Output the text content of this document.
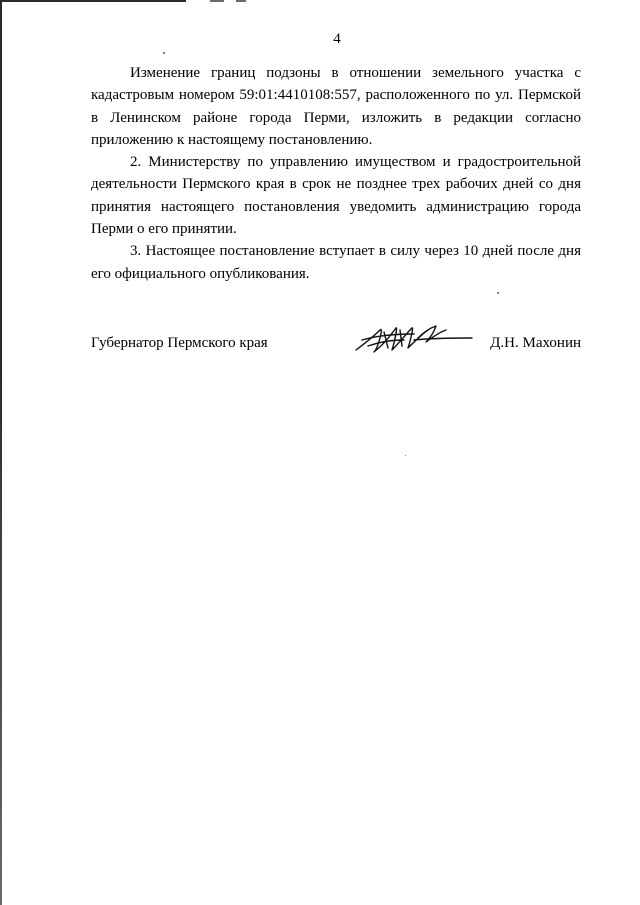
4

Изменение границ подзоны в отношении земельного участка с кадастровым номером 59:01:4410108:557, расположенного по ул. Пермской в Ленинском районе города Перми, изложить в редакции согласно приложению к настоящему постановлению.

2. Министерству по управлению имуществом и градостроительной деятельности Пермского края в срок не позднее трех рабочих дней со дня принятия настоящего постановления уведомить администрацию города Перми о его принятии.

3. Настоящее постановление вступает в силу через 10 дней после дня его официального опубликования.

Губернатор Пермского края	Д.Н. Махонин
